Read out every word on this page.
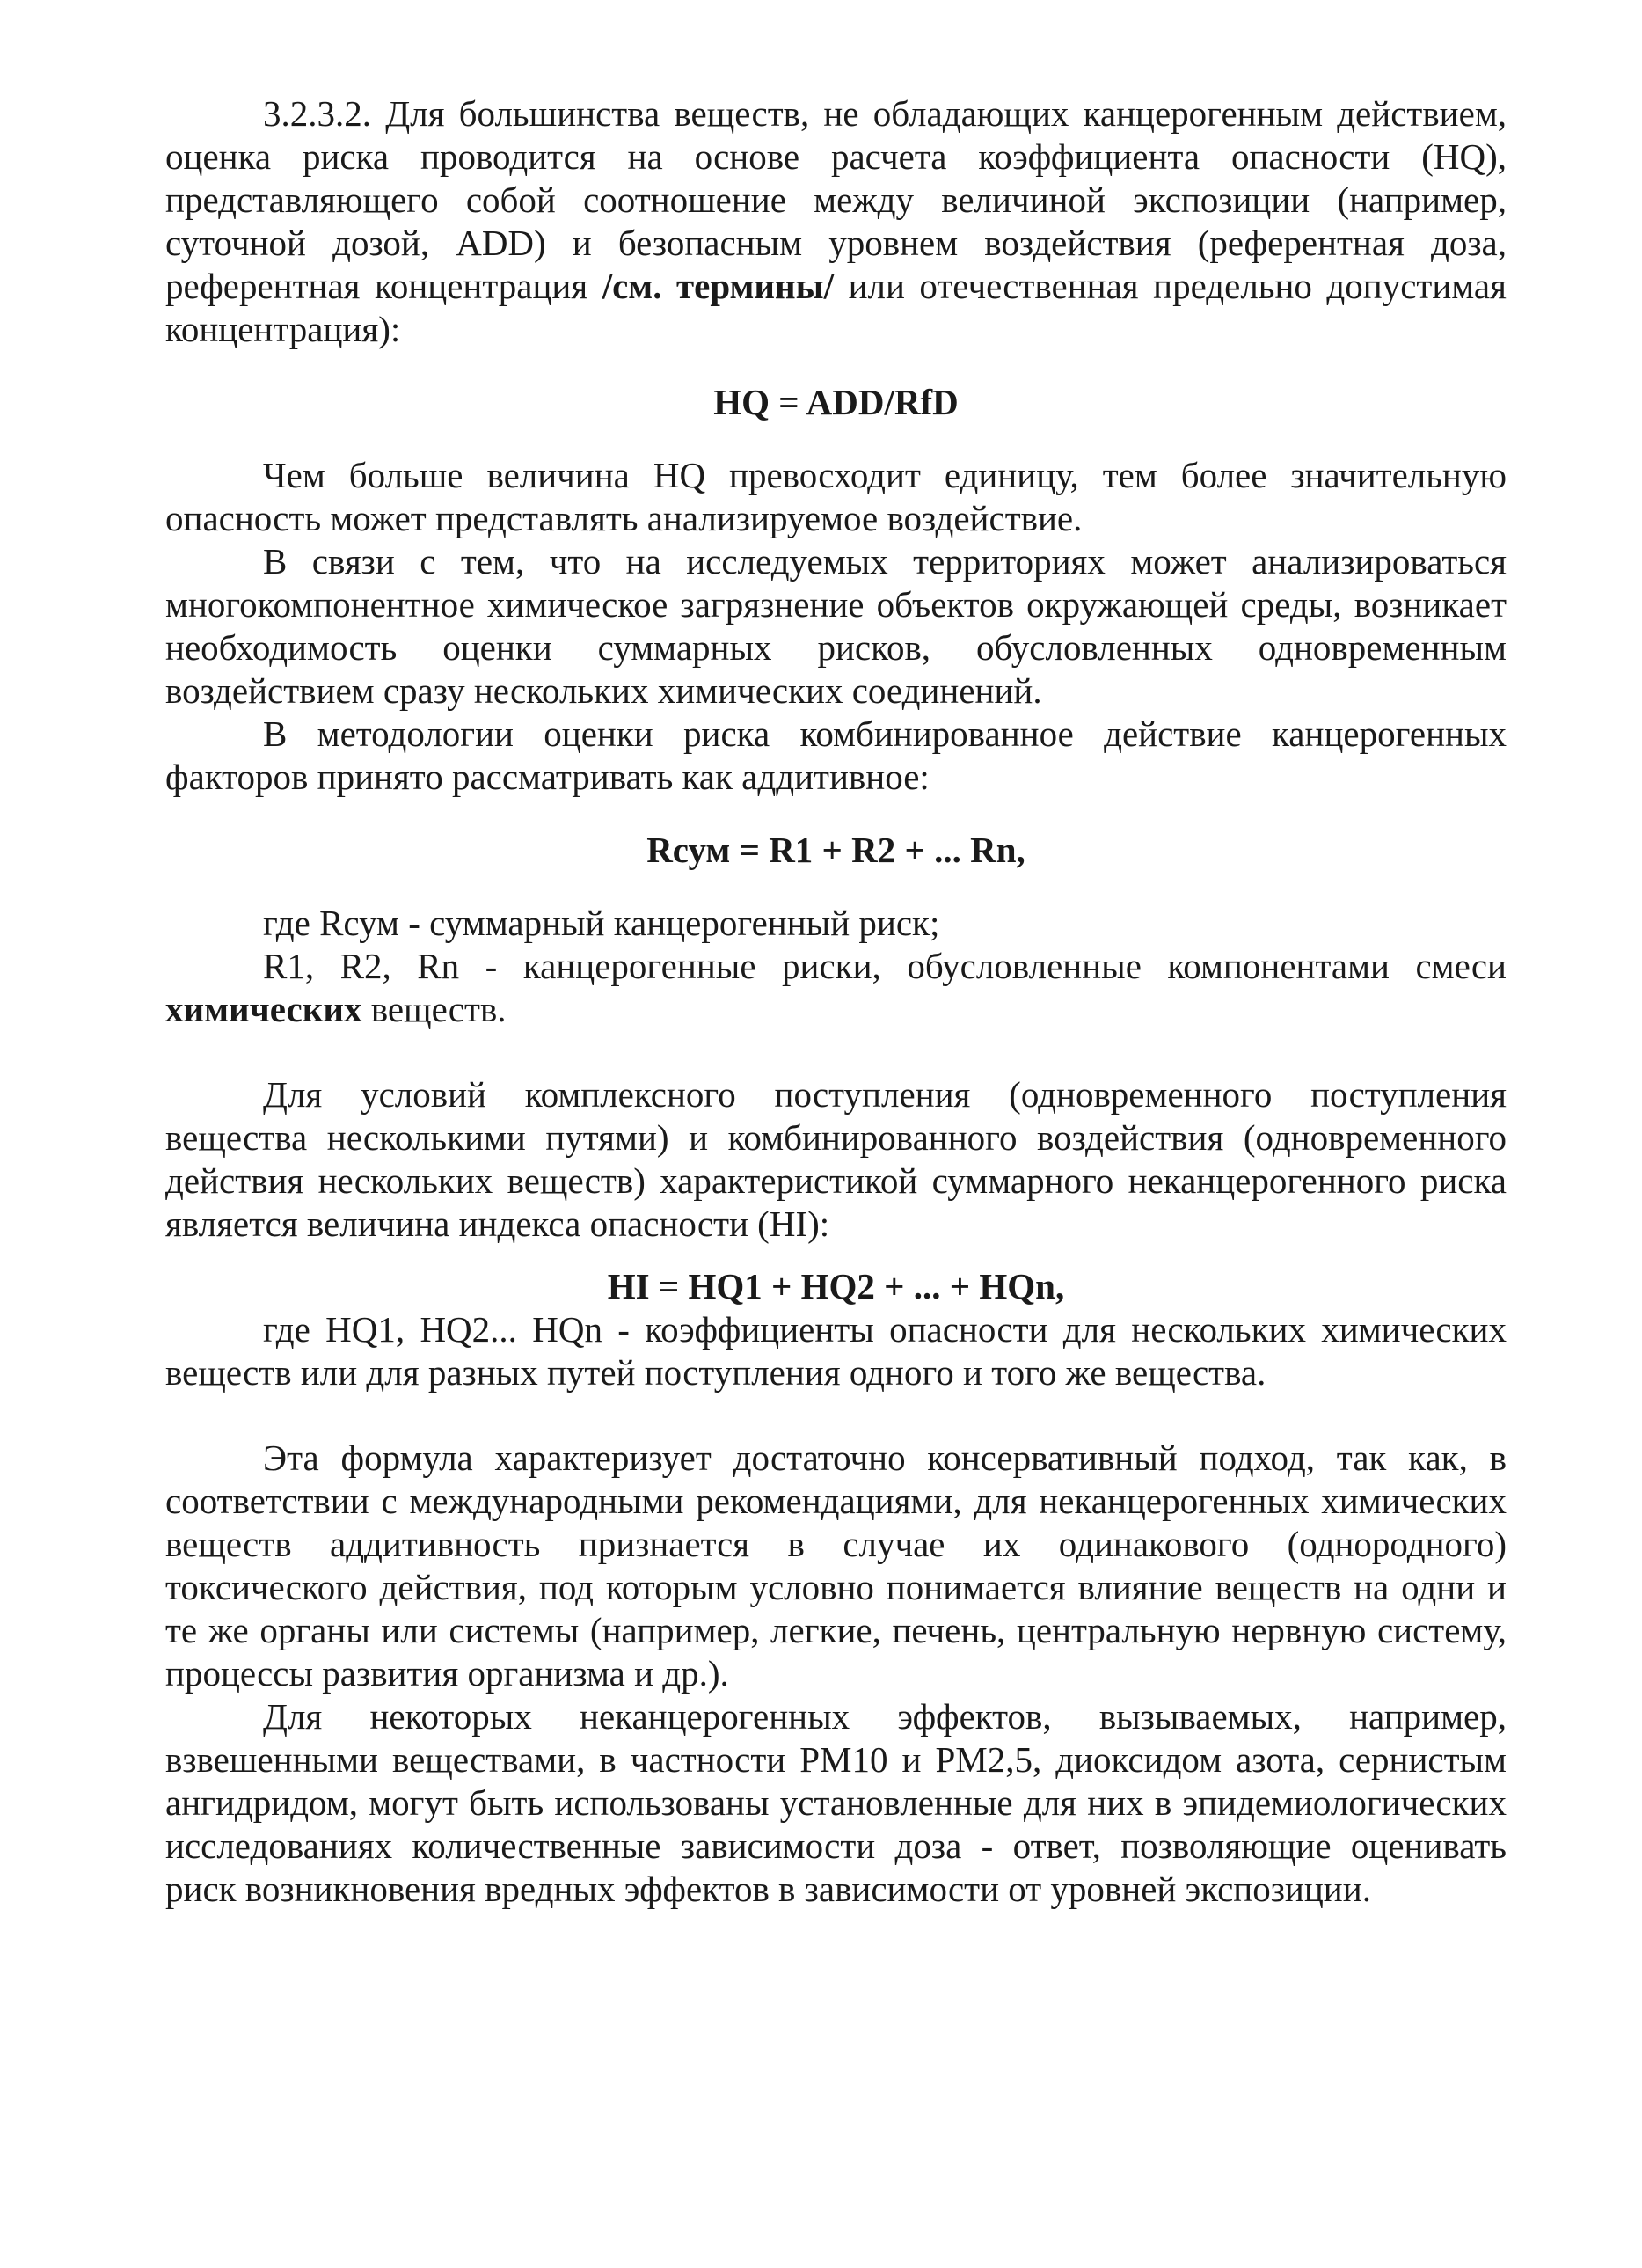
3.2.3.2. Для большинства веществ, не обладающих канцерогенным действием, оценка риска проводится на основе расчета коэффициента опасности (HQ), представляющего собой соотношение между величиной экспозиции (например, суточной дозой, ADD) и безопасным уровнем воздействия (референтная доза, референтная концентрация /см. термины/ или отечественная предельно допустимая концентрация):

HQ = ADD/RfD

Чем больше величина HQ превосходит единицу, тем более значительную опасность может представлять анализируемое воздействие.

В связи с тем, что на исследуемых территориях может анализироваться многокомпонентное химическое загрязнение объектов окружающей среды, возникает необходимость оценки суммарных рисков, обусловленных одновременным воздействием сразу нескольких химических соединений.

В методологии оценки риска комбинированное действие канцерогенных факторов принято рассматривать как аддитивное:

Rсум = R1 + R2 + ... Rn,

где Rсум - суммарный канцерогенный риск;

R1, R2, Rn - канцерогенные риски, обусловленные компонентами смеси химических веществ.

Для условий комплексного поступления (одновременного поступления вещества несколькими путями) и комбинированного воздействия (одновременного действия нескольких веществ) характеристикой суммарного неканцерогенного риска является величина индекса опасности (HI):

HI = HQ1 + HQ2 + ... + HQn,

где HQ1, HQ2... HQn - коэффициенты опасности для нескольких химических веществ или для разных путей поступления одного и того же вещества.

Эта формула характеризует достаточно консервативный подход, так как, в соответствии с международными рекомендациями, для неканцерогенных химических веществ аддитивность признается в случае их одинакового (однородного) токсического действия, под которым условно понимается влияние веществ на одни и те же органы или системы (например, легкие, печень, центральную нервную систему, процессы развития организма и др.).

Для некоторых неканцерогенных эффектов, вызываемых, например, взвешенными веществами, в частности PM10 и PM2,5, диоксидом азота, сернистым ангидридом, могут быть использованы установленные для них в эпидемиологических исследованиях количественные зависимости доза - ответ, позволяющие оценивать риск возникновения вредных эффектов в зависимости от уровней экспозиции.
